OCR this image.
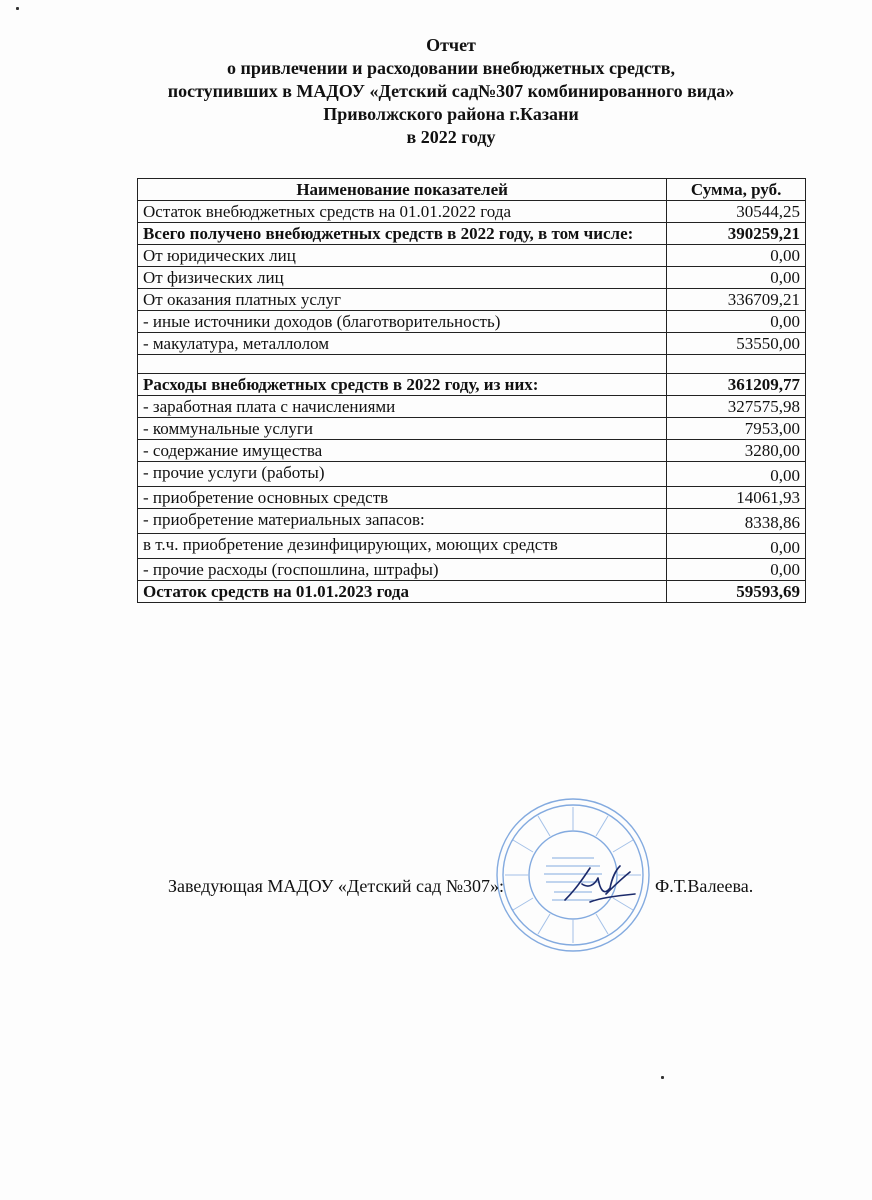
Отчет
о привлечении и расходовании внебюджетных средств,
поступивших в МАДОУ «Детский сад№307 комбинированного вида»
Приволжского района г.Казани
в 2022 году
Наименование показателей	Сумма, руб.
Остаток внебюджетных средств на 01.01.2022 года	30544,25
Всего получено внебюджетных средств в 2022 году, в том числе:	390259,21
От юридических лиц	0,00
От физических лиц	0,00
От оказания платных услуг	336709,21
- иные источники доходов (благотворительность)	0,00
- макулатура, металлолом	53550,00

Расходы внебюджетных средств в 2022 году, из них:	361209,77
- заработная плата с начислениями	327575,98
- коммунальные услуги	7953,00
- содержание имущества	3280,00
- прочие услуги (работы)	0,00
- приобретение основных средств	14061,93
- приобретение материальных запасов:	8338,86
в т.ч. приобретение дезинфицирующих, моющих средств	0,00
- прочие расходы (госпошлина, штрафы)	0,00
Остаток средств на 01.01.2023 года	59593,69
Заведующая МАДОУ «Детский сад №307»:	Ф.Т.Валеева.
